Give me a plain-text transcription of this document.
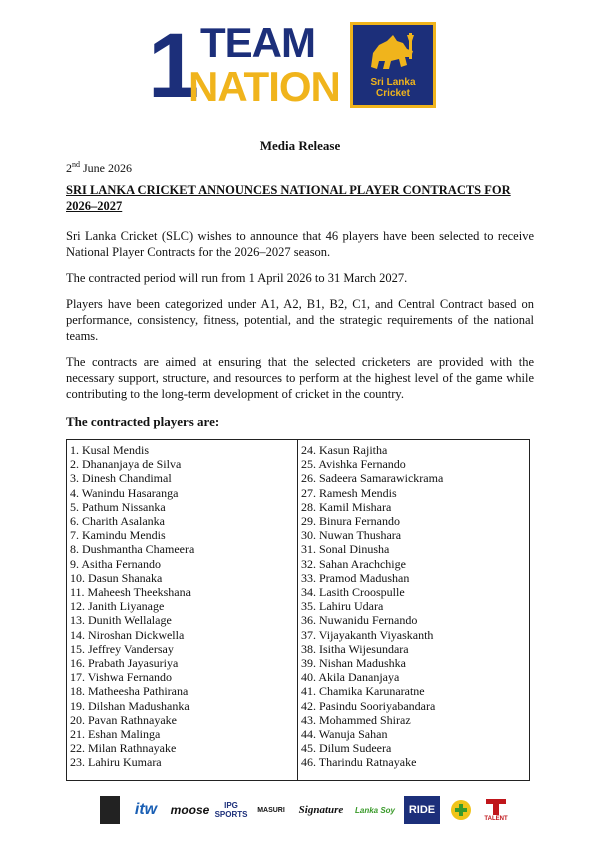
1 TEAM
NATION	Sri Lanka
Cricket
Media Release
2nd June 2026
SRI LANKA CRICKET ANNOUNCES NATIONAL PLAYER CONTRACTS FOR 2026–2027
Sri Lanka Cricket (SLC) wishes to announce that 46 players have been selected to receive National Player Contracts for the 2026–2027 season.
The contracted period will run from 1 April 2026 to 31 March 2027.
Players have been categorized under A1, A2, B1, B2, C1, and Central Contract based on performance, consistency, fitness, potential, and the strategic requirements of the national teams.
The contracts are aimed at ensuring that the selected cricketers are provided with the necessary support, structure, and resources to perform at the highest level of the game while contributing to the long-term development of cricket in the country.
The contracted players are:
1. Kusal Mendis
2. Dhananjaya de Silva
3. Dinesh Chandimal
4. Wanindu Hasaranga
5. Pathum Nissanka
6. Charith Asalanka
7. Kamindu Mendis
8. Dushmantha Chameera
9. Asitha Fernando
10. Dasun Shanaka
11. Maheesh Theekshana
12. Janith Liyanage
13. Dunith Wellalage
14. Niroshan Dickwella
15. Jeffrey Vandersay
16. Prabath Jayasuriya
17. Vishwa Fernando
18. Matheesha Pathirana
19. Dilshan Madushanka
20. Pavan Rathnayake
21. Eshan Malinga
22. Milan Rathnayake
23. Lahiru Kumara
24. Kasun Rajitha
25. Avishka Fernando
26. Sadeera Samarawickrama
27. Ramesh Mendis
28. Kamil Mishara
29. Binura Fernando
30. Nuwan Thushara
31. Sonal Dinusha
32. Sahan Arachchige
33. Pramod Madushan
34. Lasith Croospulle
35. Lahiru Udara
36. Nuwanidu Fernando
37. Vijayakanth Viyaskanth
38. Isitha Wijesundara
39. Nishan Madushka
40. Akila Dananjaya
41. Chamika Karunaratne
42. Pasindu Sooriyabandara
43. Mohammed Shiraz
44. Wanuja Sahan
45. Dilum Sudeera
46. Tharindu Ratnayake
itw	moose	IPG SPORTS	MASURI Signature	Lanka Soy	RIDE
TALENT
